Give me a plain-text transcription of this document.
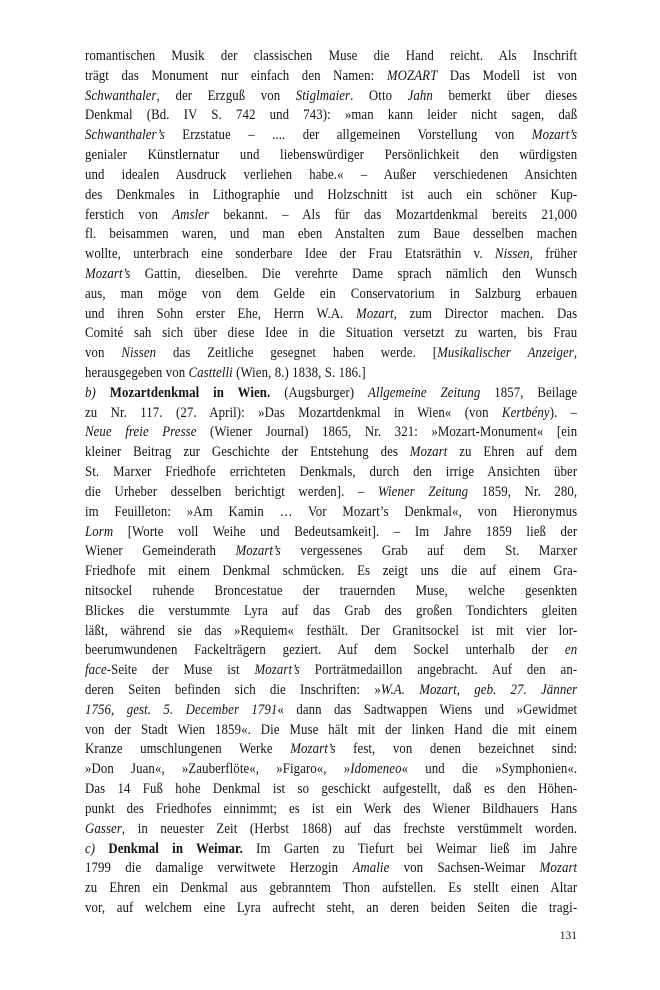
romantischen Musik der classischen Muse die Hand reicht. Als Inschrift
trägt das Monument nur einfach den Namen: MOZART Das Modell ist von
Schwanthaler, der Erzguß von Stiglmaier. Otto Jahn bemerkt über dieses
Denkmal (Bd. IV S. 742 und 743): »man kann leider nicht sagen, daß
Schwanthaler’s Erzstatue – .... der allgemeinen Vorstellung von Mozart’s
genialer Künstlernatur und liebenswürdiger Persönlichkeit den würdigsten
und idealen Ausdruck verliehen habe.« – Außer verschiedenen Ansichten
des Denkmales in Lithographie und Holzschnitt ist auch ein schöner Kup-
ferstich von Amsler bekannt. – Als für das Mozartdenkmal bereits 21,000
fl. beisammen waren, und man eben Anstalten zum Baue desselben machen
wollte, unterbrach eine sonderbare Idee der Frau Etatsräthin v. Nissen, früher
Mozart’s Gattin, dieselben. Die verehrte Dame sprach nämlich den Wunsch
aus, man möge von dem Gelde ein Conservatorium in Salzburg erbauen
und ihren Sohn erster Ehe, Herrn W.A. Mozart, zum Director machen. Das
Comité sah sich über diese Idee in die Situation versetzt zu warten, bis Frau
von Nissen das Zeitliche gesegnet haben werde. [Musikalischer Anzeiger,
herausgegeben von Casttelli (Wien, 8.) 1838, S. 186.]
b) Mozartdenkmal in Wien. (Augsburger) Allgemeine Zeitung 1857, Beilage
zu Nr. 117. (27. April): »Das Mozartdenkmal in Wien« (von Kertbény). –
Neue freie Presse (Wiener Journal) 1865, Nr. 321: »Mozart-Monument« [ein
kleiner Beitrag zur Geschichte der Entstehung des Mozart zu Ehren auf dem
St. Marxer Friedhofe errichteten Denkmals, durch den irrige Ansichten über
die Urheber desselben berichtigt werden]. – Wiener Zeitung 1859, Nr. 280,
im Feuilleton: »Am Kamin … Vor Mozart’s Denkmal«, von Hieronymus
Lorm [Worte voll Weihe und Bedeutsamkeit]. – Im Jahre 1859 ließ der
Wiener Gemeinderath Mozart’s vergessenes Grab auf dem St. Marxer
Friedhofe mit einem Denkmal schmücken. Es zeigt uns die auf einem Gra-
nitsockel ruhende Broncestatue der trauernden Muse, welche gesenkten
Blickes die verstummte Lyra auf das Grab des großen Tondichters gleiten
läßt, während sie das »Requiem« festhält. Der Granitsockel ist mit vier lor-
beerumwundenen Fackelträgern geziert. Auf dem Sockel unterhalb der en
face-Seite der Muse ist Mozart’s Porträtmedaillon angebracht. Auf den an-
deren Seiten befinden sich die Inschriften: »W.A. Mozart, geb. 27. Jänner
1756, gest. 5. December 1791« dann das Sadtwappen Wiens und »Gewidmet
von der Stadt Wien 1859«. Die Muse hält mit der linken Hand die mit einem
Kranze umschlungenen Werke Mozart’s fest, von denen bezeichnet sind:
»Don Juan«, »Zauberflöte«, »Figaro«, »Idomeneo« und die »Symphonien«.
Das 14 Fuß hohe Denkmal ist so geschickt aufgestellt, daß es den Höhen-
punkt des Friedhofes einnimmt; es ist ein Werk des Wiener Bildhauers Hans
Gasser, in neuester Zeit (Herbst 1868) auf das frechste verstümmelt worden.
c) Denkmal in Weimar. Im Garten zu Tiefurt bei Weimar ließ im Jahre
1799 die damalige verwitwete Herzogin Amalie von Sachsen-Weimar Mozart
zu Ehren ein Denkmal aus gebranntem Thon aufstellen. Es stellt einen Altar
vor, auf welchem eine Lyra aufrecht steht, an deren beiden Seiten die tragi-
131
